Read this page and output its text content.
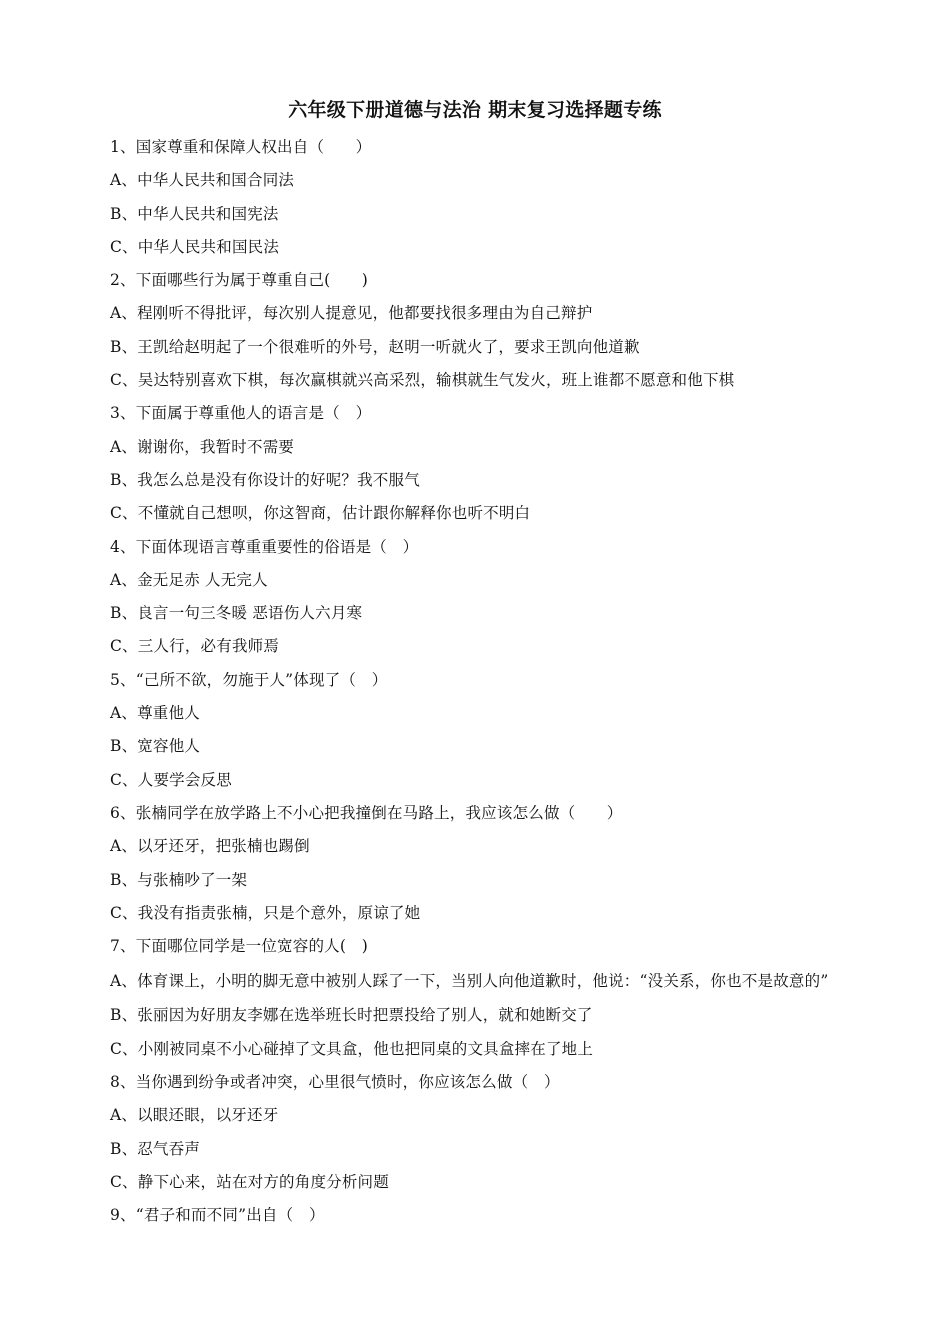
六年级下册道德与法治 期末复习选择题专练
1、国家尊重和保障人权出自（　　）
A、中华人民共和国合同法
B、中华人民共和国宪法
C、中华人民共和国民法
2、下面哪些行为属于尊重自己(　　)
A、程刚听不得批评，每次别人提意见，他都要找很多理由为自己辩护
B、王凯给赵明起了一个很难听的外号，赵明一听就火了，要求王凯向他道歉
C、吴达特别喜欢下棋，每次赢棋就兴高采烈，输棋就生气发火，班上谁都不愿意和他下棋
3、下面属于尊重他人的语言是（　）
A、谢谢你，我暂时不需要
B、我怎么总是没有你设计的好呢？我不服气
C、不懂就自己想呗，你这智商，估计跟你解释你也听不明白
4、下面体现语言尊重重要性的俗语是（　）
A、金无足赤 人无完人
B、良言一句三冬暖 恶语伤人六月寒
C、三人行，必有我师焉
5、“己所不欲，勿施于人”体现了（　）
A、尊重他人
B、宽容他人
C、人要学会反思
6、张楠同学在放学路上不小心把我撞倒在马路上，我应该怎么做（　　）
A、以牙还牙，把张楠也踢倒
B、与张楠吵了一架
C、我没有指责张楠，只是个意外，原谅了她
7、下面哪位同学是一位宽容的人(　)
A、体育课上，小明的脚无意中被别人踩了一下，当别人向他道歉时，他说：“没关系，你也不是故意的”
B、张丽因为好朋友李娜在选举班长时把票投给了别人，就和她断交了
C、小刚被同桌不小心碰掉了文具盒，他也把同桌的文具盒摔在了地上
8、当你遇到纷争或者冲突，心里很气愤时，你应该怎么做（　）
A、以眼还眼，以牙还牙
B、忍气吞声
C、静下心来，站在对方的角度分析问题
9、“君子和而不同”出自（　）
